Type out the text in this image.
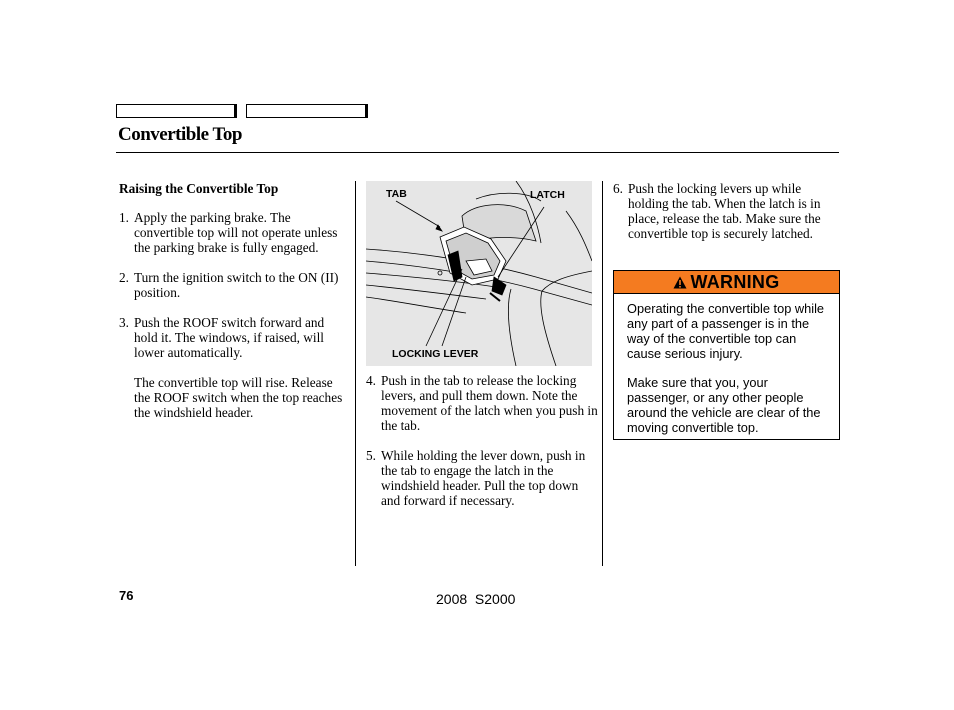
Convertible Top
Raising the Convertible Top
1. Apply the parking brake. The convertible top will not operate unless the parking brake is fully engaged.
2. Turn the ignition switch to the ON (II) position.
3. Push the ROOF switch forward and hold it. The windows, if raised, will lower automatically.
The convertible top will rise. Release the ROOF switch when the top reaches the windshield header.
TAB	LATCH
LOCKING LEVER
4. Push in the tab to release the locking levers, and pull them down. Note the movement of the latch when you push in the tab.
5. While holding the lever down, push in the tab to engage the latch in the windshield header. Pull the top down and forward if necessary.
6. Push the locking levers up while holding the tab. When the latch is in place, release the tab. Make sure the convertible top is securely latched.
WARNING

Operating the convertible top while any part of a passenger is in the way of the convertible top can cause serious injury.

Make sure that you, your passenger, or any other people around the vehicle are clear of the moving convertible top.

76	2008  S2000
